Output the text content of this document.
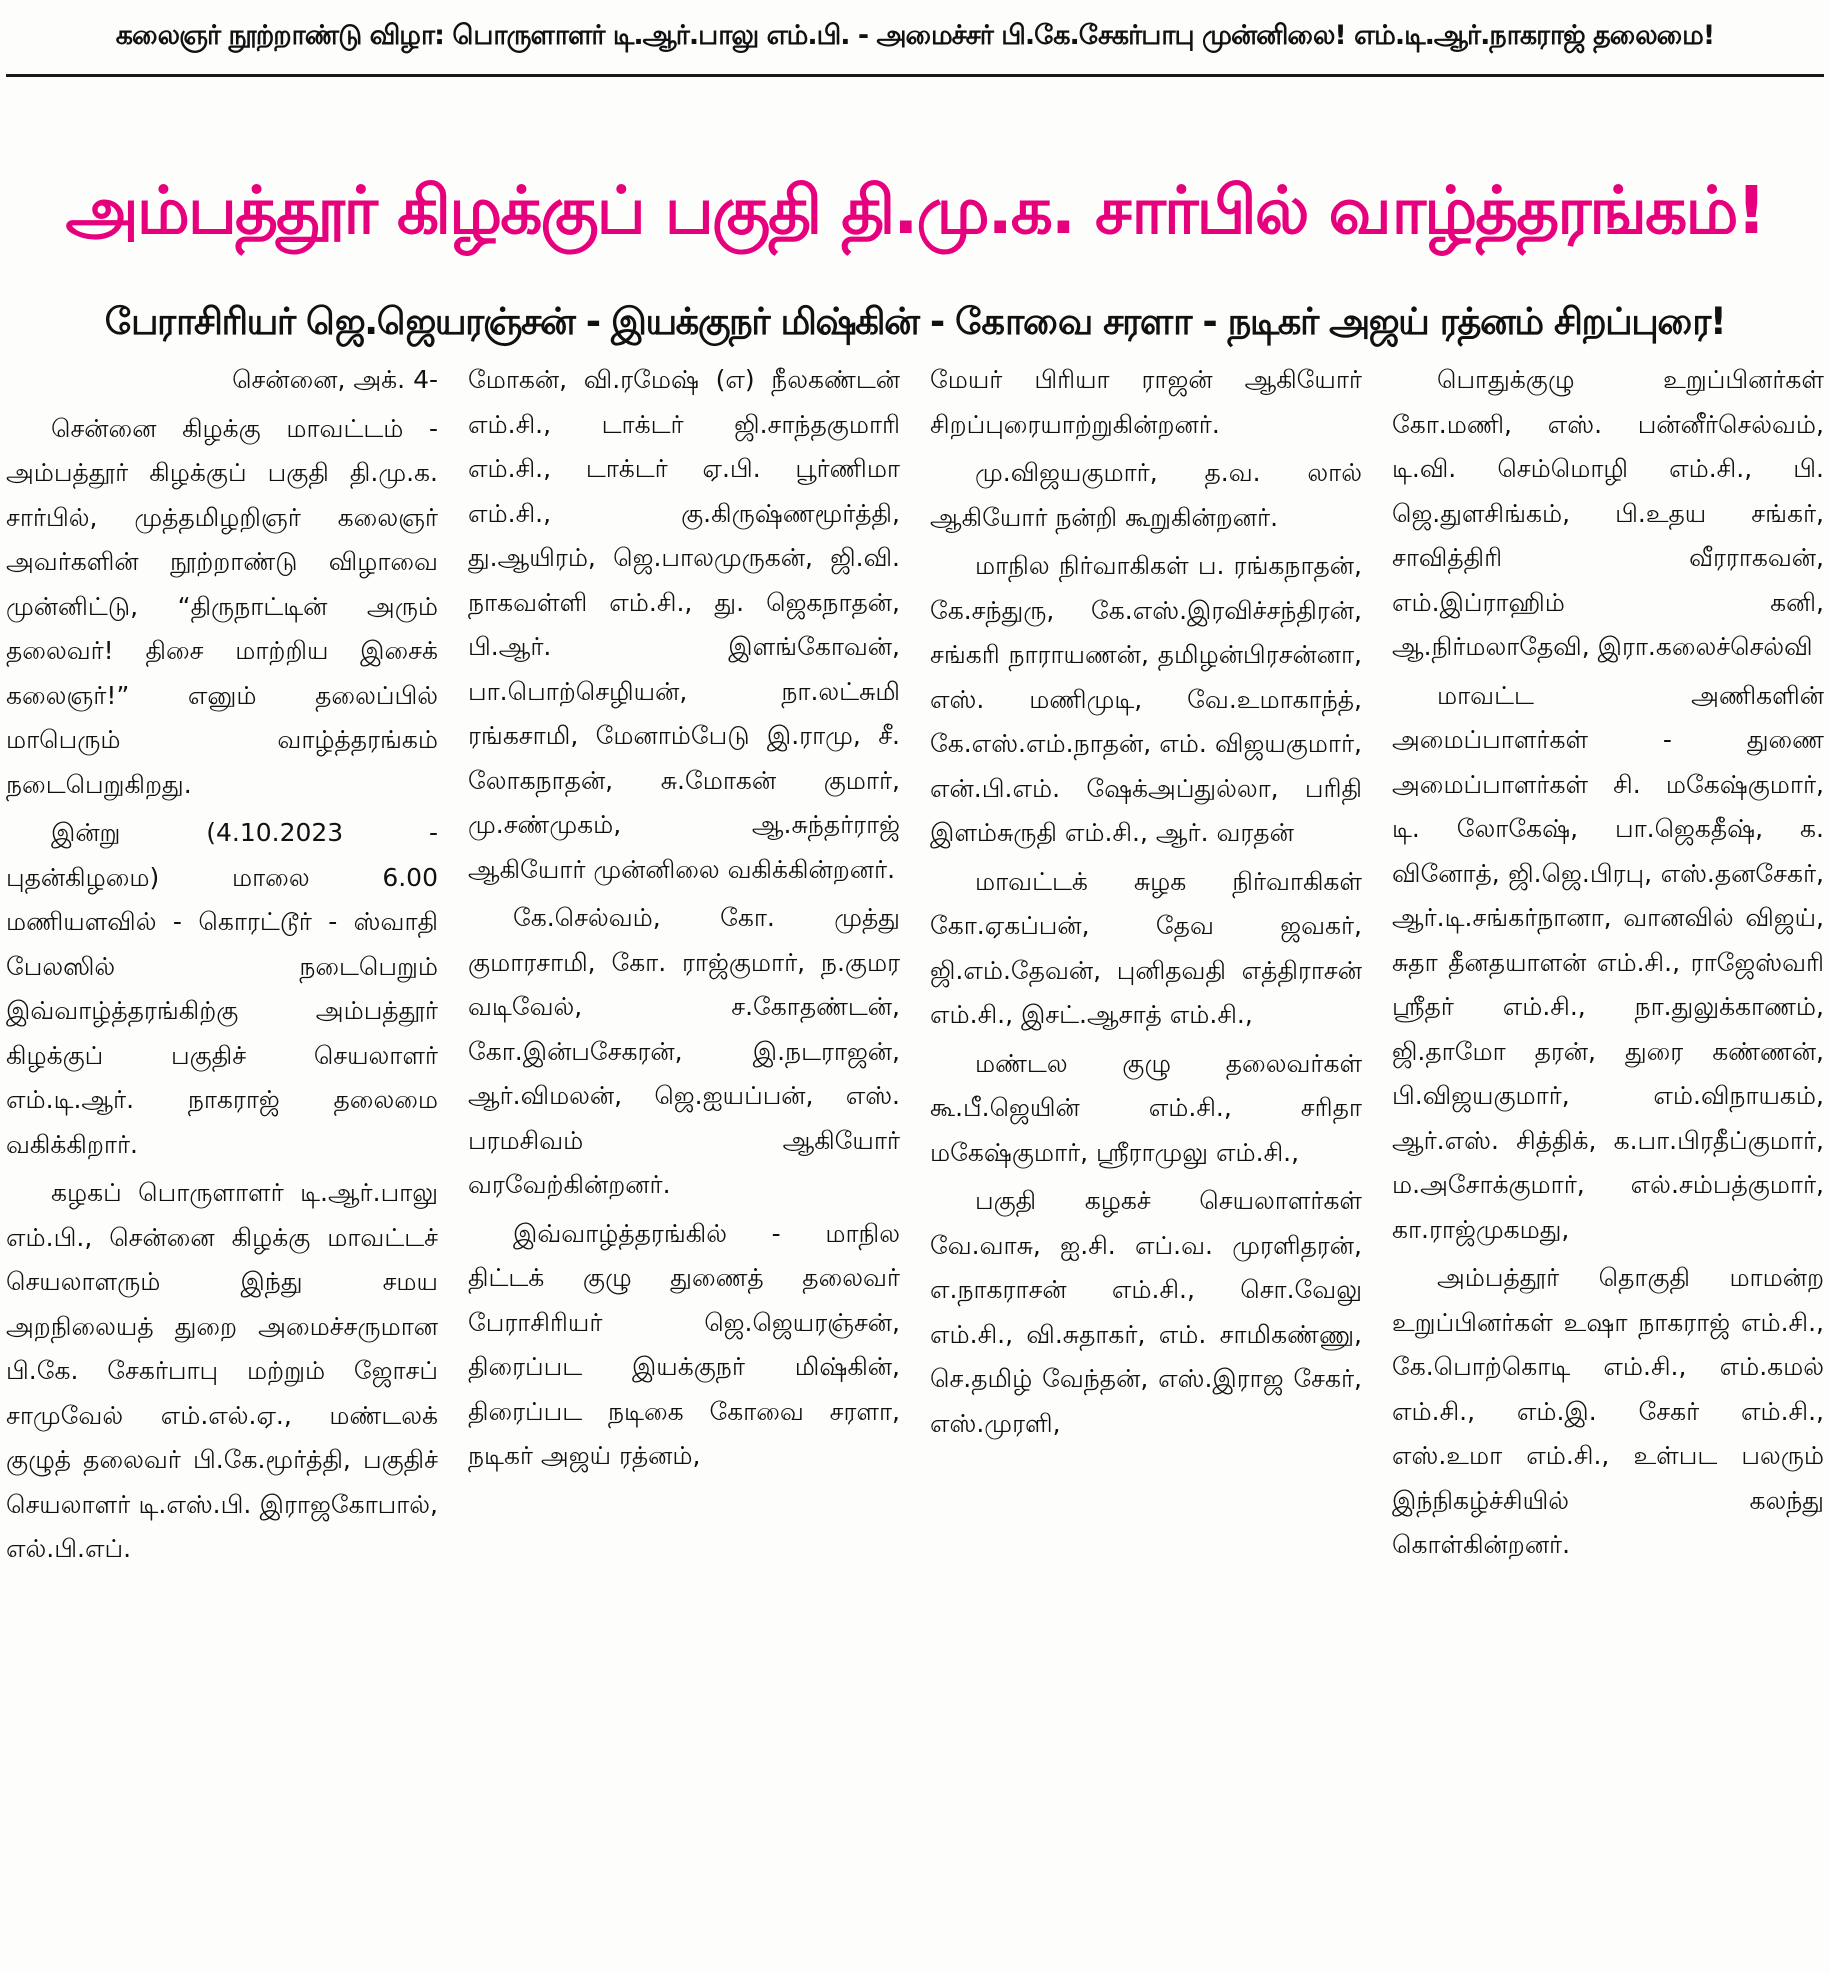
கலைஞர் நூற்றாண்டு விழா: பொருளாளர் டி.ஆர்.பாலு எம்.பி. - அமைச்சர் பி.கே.சேகர்பாபு முன்னிலை! எம்.டி.ஆர்.நாகராஜ் தலைமை!
அம்பத்தூர் கிழக்குப் பகுதி தி.மு.க. சார்பில் வாழ்த்தரங்கம்!
பேராசிரியர் ஜெ.ஜெயரஞ்சன் - இயக்குநர் மிஷ்கின் - கோவை சரளா - நடிகர் அஜய் ரத்னம் சிறப்புரை!

சென்னை, அக். 4-

சென்னை கிழக்கு மாவட்டம் - அம்பத்தூர் கிழக்குப் பகுதி தி.மு.க. சார்பில், முத்தமிழறிஞர் கலைஞர் அவர்களின் நூற்றாண்டு விழாவை முன்னிட்டு, “திருநாட்டின் அரும் தலைவர்! திசை மாற்றிய இசைக் கலைஞர்!” எனும் தலைப்பில் மாபெரும் வாழ்த்தரங்கம் நடைபெறுகிறது.

இன்று (4.10.2023 - புதன்கிழமை) மாலை 6.00 மணியளவில் - கொரட்டூர் - ஸ்வாதி பேலஸில் நடைபெறும் இவ்வாழ்த்தரங்கிற்கு அம்பத்தூர் கிழக்குப் பகுதிச் செயலாளர் எம்.டி.ஆர். நாகராஜ் தலைமை வகிக்கிறார்.

கழகப் பொருளாளர் டி.ஆர்.பாலு எம்.பி., சென்னை கிழக்கு மாவட்டச் செயலாளரும் இந்து சமய அறநிலையத் துறை அமைச்சருமான பி.கே. சேகர்பாபு மற்றும் ஜோசப் சாமுவேல் எம்.எல்.ஏ., மண்டலக் குழுத் தலைவர் பி.கே.மூர்த்தி, பகுதிச் செயலாளர் டி.எஸ்.பி. இராஜகோபால், எல்.பி.எப்.

மோகன், வி.ரமேஷ் (எ) நீலகண்டன் எம்.சி., டாக்டர் ஜி.சாந்தகுமாரி எம்.சி., டாக்டர் ஏ.பி. பூர்ணிமா எம்.சி., கு.கிருஷ்ணமூர்த்தி, து.ஆயிரம், ஜெ.பாலமுருகன், ஜி.வி. நாகவள்ளி எம்.சி., து. ஜெகநாதன், பி.ஆர். இளங்கோவன், பா.பொற்செழியன், நா.லட்சுமி ரங்கசாமி, மேனாம்பேடு இ.ராமு, சீ. லோகநாதன், சு.மோகன் குமார், மு.சண்முகம், ஆ.சுந்தர்ராஜ் ஆகியோர் முன்னிலை வகிக்கின்றனர்.

கே.செல்வம், கோ. முத்து குமாரசாமி, கோ. ராஜ்குமார், ந.குமர வடிவேல், ச.கோதண்டன், கோ.இன்பசேகரன், இ.நடராஜன், ஆர்.விமலன், ஜெ.ஐயப்பன், எஸ். பரமசிவம் ஆகியோர் வரவேற்கின்றனர்.

இவ்வாழ்த்தரங்கில் - மாநில திட்டக் குழு துணைத் தலைவர் பேராசிரியர் ஜெ.ஜெயரஞ்சன், திரைப்பட இயக்குநர் மிஷ்கின், திரைப்பட நடிகை கோவை சரளா, நடிகர் அஜய் ரத்னம்,

மேயர் பிரியா ராஜன் ஆகியோர் சிறப்புரையாற்றுகின்றனர்.

மு.விஜயகுமார், த.வ. லால் ஆகியோர் நன்றி கூறுகின்றனர்.

மாநில நிர்வாகிகள் ப. ரங்கநாதன், கே.சந்துரு, கே.எஸ்.இரவிச்சந்திரன், சங்கரி நாராயணன், தமிழன்பிரசன்னா, எஸ். மணிமுடி, வே.உமாகாந்த், கே.எஸ்.எம்.நாதன், எம். விஜயகுமார், என்.பி.எம். ஷேக்அப்துல்லா, பரிதி இளம்சுருதி எம்.சி., ஆர். வரதன்

மாவட்டக் சுழக நிர்வாகிகள் கோ.ஏகப்பன், தேவ ஜவகர், ஜி.எம்.தேவன், புனிதவதி எத்திராசன் எம்.சி., இசட்.ஆசாத் எம்.சி.,

மண்டல குழு தலைவர்கள் கூ.பீ.ஜெயின் எம்.சி., சரிதா மகேஷ்குமார், ஸ்ரீராமுலு எம்.சி.,

பகுதி கழகச் செயலாளர்கள் வே.வாசு, ஐ.சி. எப்.வ. முரளிதரன், எ.நாகராசன் எம்.சி., சொ.வேலு எம்.சி., வி.சுதாகர், எம். சாமிகண்ணு, செ.தமிழ் வேந்தன், எஸ்.இராஜ சேகர், எஸ்.முரளி,

பொதுக்குழு உறுப்பினர்கள் கோ.மணி, எஸ். பன்னீர்செல்வம், டி.வி. செம்மொழி எம்.சி., பி. ஜெ.துளசிங்கம், பி.உதய சங்கர், சாவித்திரி வீரராகவன், எம்.இப்ராஹிம் கனி, ஆ.நிர்மலாதேவி, இரா.கலைச்செல்வி

மாவட்ட அணிகளின் அமைப்பாளர்கள் - துணை அமைப்பாளர்கள் சி. மகேஷ்குமார், டி. லோகேஷ், பா.ஜெகதீஷ், க. வினோத், ஜி.ஜெ.பிரபு, எஸ்.தனசேகர், ஆர்.டி.சங்கர்நானா, வானவில் விஜய், சுதா தீனதயாளன் எம்.சி., ராஜேஸ்வரி ஸ்ரீதர் எம்.சி., நா.துலுக்காணம், ஜி.தாமோ தரன், துரை கண்ணன், பி.விஜயகுமார், எம்.விநாயகம், ஆர்.எஸ். சித்திக், க.பா.பிரதீப்குமார், ம.அசோக்குமார், எல்.சம்பத்குமார், கா.ராஜ்முகமது,

அம்பத்தூர் தொகுதி மாமன்ற உறுப்பினர்கள் உஷா நாகராஜ் எம்.சி., கே.பொற்கொடி எம்.சி., எம்.கமல் எம்.சி., எம்.இ. சேகர் எம்.சி., எஸ்.உமா எம்.சி., உள்பட பலரும் இந்நிகழ்ச்சியில் கலந்து கொள்கின்றனர்.
